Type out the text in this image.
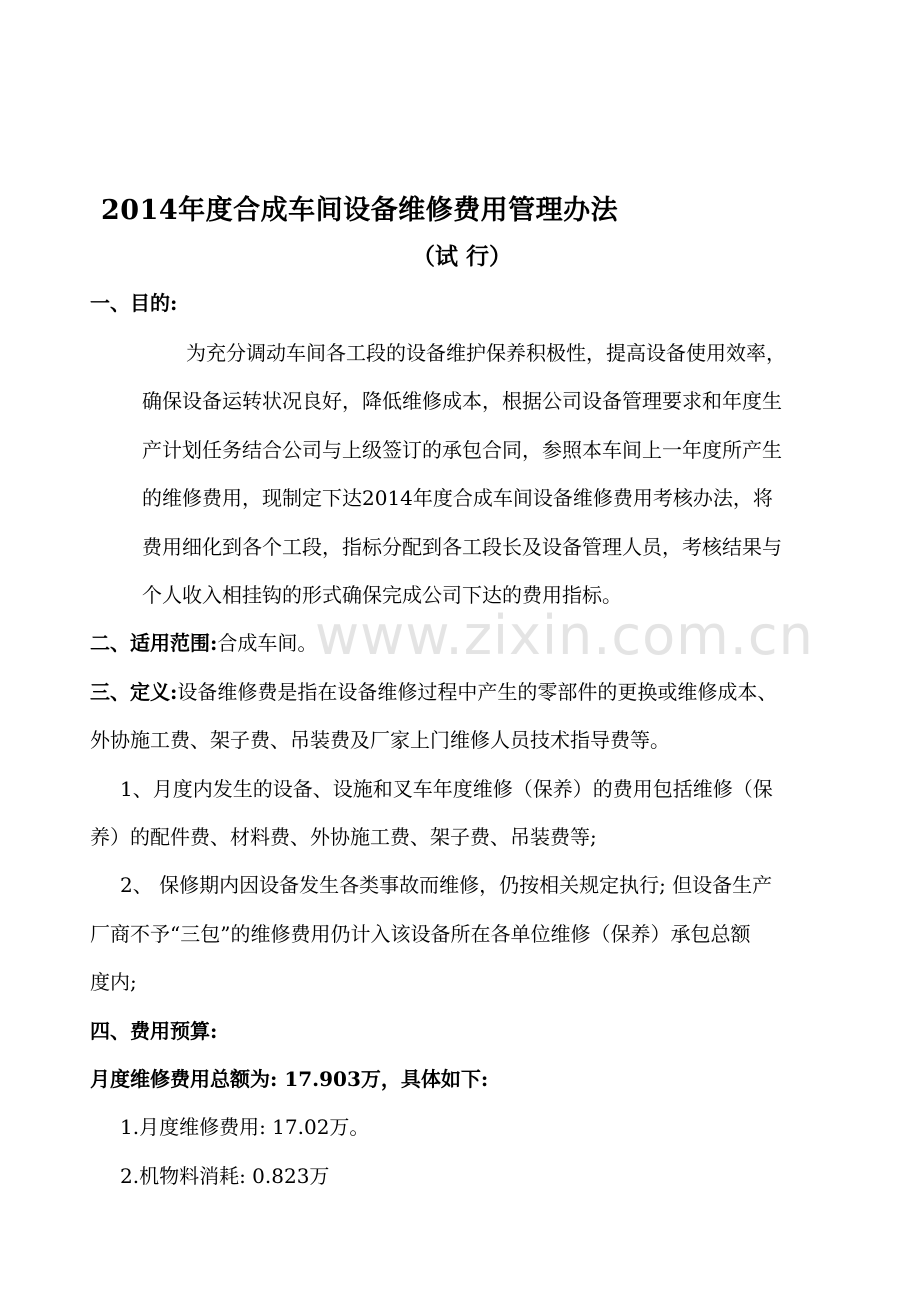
www.zixin.com.cn
2014年度合成车间设备维修费用管理办法
（试 行）
一、目的:
为充分调动车间各工段的设备维护保养积极性，提高设备使用效率，
确保设备运转状况良好，降低维修成本，根据公司设备管理要求和年度生
产计划任务结合公司与上级签订的承包合同，参照本车间上一年度所产生
的维修费用，现制定下达2014年度合成车间设备维修费用考核办法，将
费用细化到各个工段，指标分配到各工段长及设备管理人员，考核结果与
个人收入相挂钩的形式确保完成公司下达的费用指标。
二、适用范围:合成车间。
三、定义:设备维修费是指在设备维修过程中产生的零部件的更换或维修成本、
外协施工费、架子费、吊装费及厂家上门维修人员技术指导费等。
1、月度内发生的设备、设施和叉车年度维修（保养）的费用包括维修（保
养）的配件费、材料费、外协施工费、架子费、吊装费等;
2、 保修期内因设备发生各类事故而维修，仍按相关规定执行; 但设备生产
厂商不予“三包”的维修费用仍计入该设备所在各单位维修（保养）承包总额
度内;
四、费用预算:
月度维修费用总额为: 17.903万，具体如下:
1.月度维修费用: 17.02万。
2.机物料消耗: 0.823万
